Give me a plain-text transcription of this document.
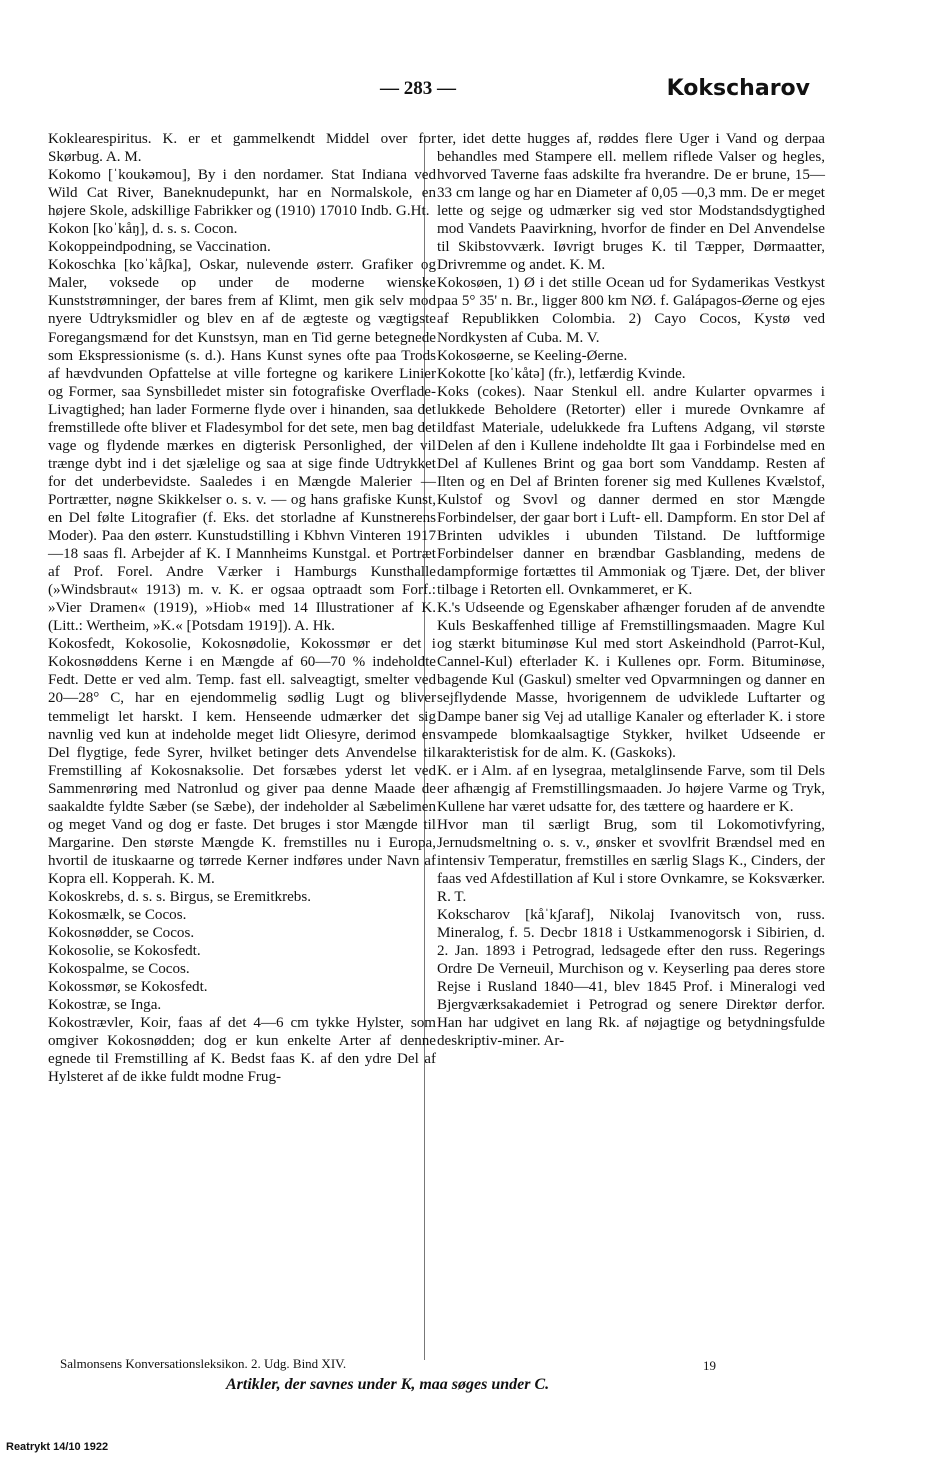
— 283 —	Kokscharov

Koklearespiritus. K. er et gammelkendt Middel over for Skørbug. A. M.

Kokomo [ˈkoukəmou], By i den nordamer. Stat Indiana ved Wild Cat River, Baneknudepunkt, har en Normalskole, en højere Skole, adskillige Fabrikker og (1910) 17010 Indb. G.Ht.

Kokon [koˈkåŋ], d. s. s. Cocon.

Kokoppeindpodning, se Vaccination.

Kokoschka [koˈkåʃka], Oskar, nulevende østerr. Grafiker og Maler, voksede op under de moderne wienske Kunststrømninger, der bares frem af Klimt, men gik selv mod nyere Udtryksmidler og blev en af de ægteste og vægtigste Foregangsmænd for det Kunstsyn, man en Tid gerne betegnede som Ekspressionisme (s. d.). Hans Kunst synes ofte paa Trods af hævdvunden Opfattelse at ville fortegne og karikere Linier og Former, saa Synsbilledet mister sin fotografiske Overflade-Livagtighed; han lader Formerne flyde over i hinanden, saa det fremstillede ofte bliver et Fladesymbol for det sete, men bag det vage og flydende mærkes en digterisk Personlighed, der vil trænge dybt ind i det sjælelige og saa at sige finde Udtrykket for det underbevidste. Saaledes i en Mængde Malerier — Portrætter, nøgne Skikkelser o. s. v. — og hans grafiske Kunst, en Del følte Litografier (f. Eks. det storladne af Kunstnerens Moder). Paa den østerr. Kunstudstilling i Kbhvn Vinteren 1917—18 saas fl. Arbejder af K. I Mannheims Kunstgal. et Portræt af Prof. Forel. Andre Værker i Hamburgs Kunsthalle (»Windsbraut« 1913) m. v. K. er ogsaa optraadt som Forf.: »Vier Dramen« (1919), »Hiob« med 14 Illustrationer af K. (Litt.: Wertheim, »K.« [Potsdam 1919]). A. Hk.

Kokosfedt, Kokosolie, Kokosnødolie, Kokossmør er det i Kokosnøddens Kerne i en Mængde af 60—70 % indeholdte Fedt. Dette er ved alm. Temp. fast ell. salveagtigt, smelter ved 20—28° C, har en ejendommelig sødlig Lugt og bliver temmeligt let harskt. I kem. Henseende udmærker det sig navnlig ved kun at indeholde meget lidt Oliesyre, derimod en Del flygtige, fede Syrer, hvilket betinger dets Anvendelse til Fremstilling af Kokosnaksolie. Det forsæbes yderst let ved Sammenrøring med Natronlud og giver paa denne Maade de saakaldte fyldte Sæber (se Sæbe), der indeholder al Sæbelimen og meget Vand og dog er faste. Det bruges i stor Mængde til Margarine. Den største Mængde K. fremstilles nu i Europa, hvortil de ituskaarne og tørrede Kerner indføres under Navn af Kopra ell. Kopperah. K. M.

Kokoskrebs, d. s. s. Birgus, se Eremitkrebs.

Kokosmælk, se Cocos.

Kokosnødder, se Cocos.

Kokosolie, se Kokosfedt.

Kokospalme, se Cocos.

Kokossmør, se Kokosfedt.

Kokostræ, se Inga.

Kokostrævler, Koir, faas af det 4—6 cm tykke Hylster, som omgiver Kokosnødden; dog er kun enkelte Arter af denne egnede til Fremstilling af K. Bedst faas K. af den ydre Del af Hylsteret af de ikke fuldt modne Frug-

ter, idet dette hugges af, røddes flere Uger i Vand og derpaa behandles med Stampere ell. mellem riflede Valser og hegles, hvorved Taverne faas adskilte fra hverandre. De er brune, 15—33 cm lange og har en Diameter af 0,05 —0,3 mm. De er meget lette og sejge og udmærker sig ved stor Modstandsdygtighed mod Vandets Paavirkning, hvorfor de finder en Del Anvendelse til Skibstovværk. Iøvrigt bruges K. til Tæpper, Dørmaatter, Drivremme og andet. K. M.

Kokosøen, 1) Ø i det stille Ocean ud for Sydamerikas Vestkyst paa 5° 35' n. Br., ligger 800 km NØ. f. Galápagos-Øerne og ejes af Republikken Colombia. 2) Cayo Cocos, Kystø ved Nordkysten af Cuba. M. V.

Kokosøerne, se Keeling-Øerne.

Kokotte [koˈkåtə] (fr.), letfærdig Kvinde.

Koks (cokes). Naar Stenkul ell. andre Kularter opvarmes i lukkede Beholdere (Retorter) eller i murede Ovnkamre af ildfast Materiale, udelukkede fra Luftens Adgang, vil største Delen af den i Kullene indeholdte Ilt gaa i Forbindelse med en Del af Kullenes Brint og gaa bort som Vanddamp. Resten af Ilten og en Del af Brinten forener sig med Kullenes Kvælstof, Kulstof og Svovl og danner dermed en stor Mængde Forbindelser, der gaar bort i Luft- ell. Dampform. En stor Del af Brinten udvikles i ubunden Tilstand. De luftformige Forbindelser danner en brændbar Gasblanding, medens de dampformige fortættes til Ammoniak og Tjære. Det, der bliver tilbage i Retorten ell. Ovnkammeret, er K.

K.'s Udseende og Egenskaber afhænger foruden af de anvendte Kuls Beskaffenhed tillige af Fremstillingsmaaden. Magre Kul og stærkt bituminøse Kul med stort Askeindhold (Parrot-Kul, Cannel-Kul) efterlader K. i Kullenes opr. Form. Bituminøse, bagende Kul (Gaskul) smelter ved Opvarmningen og danner en sejflydende Masse, hvorigennem de udviklede Luftarter og Dampe baner sig Vej ad utallige Kanaler og efterlader K. i store svampede blomkaalsagtige Stykker, hvilket Udseende er karakteristisk for de alm. K. (Gaskoks).

K. er i Alm. af en lysegraa, metalglinsende Farve, som til Dels er afhængig af Fremstillingsmaaden. Jo højere Varme og Tryk, Kullene har været udsatte for, des tættere og haardere er K.

Hvor man til særligt Brug, som til Lokomotivfyring, Jernudsmeltning o. s. v., ønsker et svovlfrit Brændsel med en intensiv Temperatur, fremstilles en særlig Slags K., Cinders, der faas ved Afdestillation af Kul i store Ovnkamre, se Koksværker. R. T.

Kokscharov [kåˈkʃaraf], Nikolaj Ivanovitsch von, russ. Mineralog, f. 5. Decbr 1818 i Ustkammenogorsk i Sibirien, d. 2. Jan. 1893 i Petrograd, ledsagede efter den russ. Regerings Ordre De Verneuil, Murchison og v. Keyserling paa deres store Rejse i Rusland 1840—41, blev 1845 Prof. i Mineralogi ved Bjergværksakademiet i Petrograd og senere Direktør derfor. Han har udgivet en lang Rk. af nøjagtige og betydningsfulde deskriptiv-miner. Ar-

Salmonsens Konversationsleksikon. 2. Udg. Bind XIV.	19
Artikler, der savnes under K, maa søges under C.
Reatrykt 14/10 1922
